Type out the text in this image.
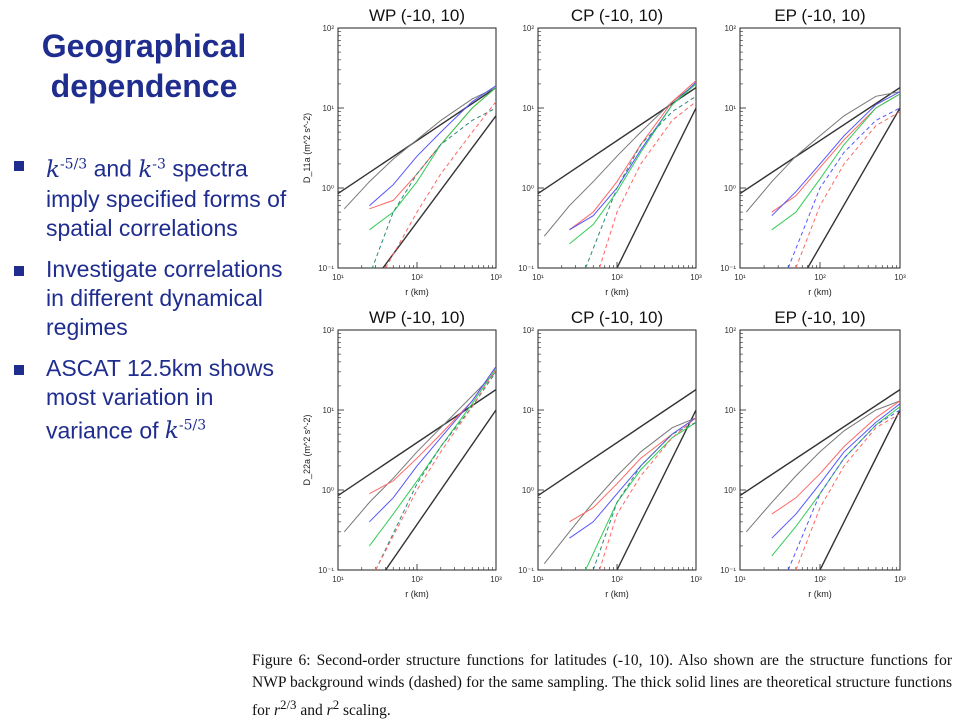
Geographical
dependence
$k^{-5/3}$ and $k^{-3}$ spectra imply specified forms of spatial correlations
Investigate correlations in different dynamical regimes
ASCAT 12.5km shows most variation in variance of $k^{-5/3}$
WP (-10, 10)
10⁻¹
10⁰
10¹
10²
10¹	10²	10³
r (km)
D_11a (m^2 s^-2)
CP (-10, 10)
10⁻¹
10⁰
10¹
10²
10¹	10²	10³
r (km)
EP (-10, 10)
10⁻¹
10⁰
10¹
10²
10¹	10²	10³
r (km)
WP (-10, 10)
10⁻¹
10⁰
10¹
10²
10¹	10²	10³
r (km)
D_22a (m^2 s^-2)
CP (-10, 10)
10⁻¹
10⁰
10¹
10²
10¹	10²	10³
r (km)
EP (-10, 10)
10⁻¹
10⁰
10¹
10²
10¹	10²	10³
r (km)
Figure 6: Second-order structure functions for latitudes (-10, 10). Also shown are the structure functions for NWP background winds (dashed) for the same sampling. The thick solid lines are theoretical structure functions for $r^{2/3}$ and $r^2$ scaling.
